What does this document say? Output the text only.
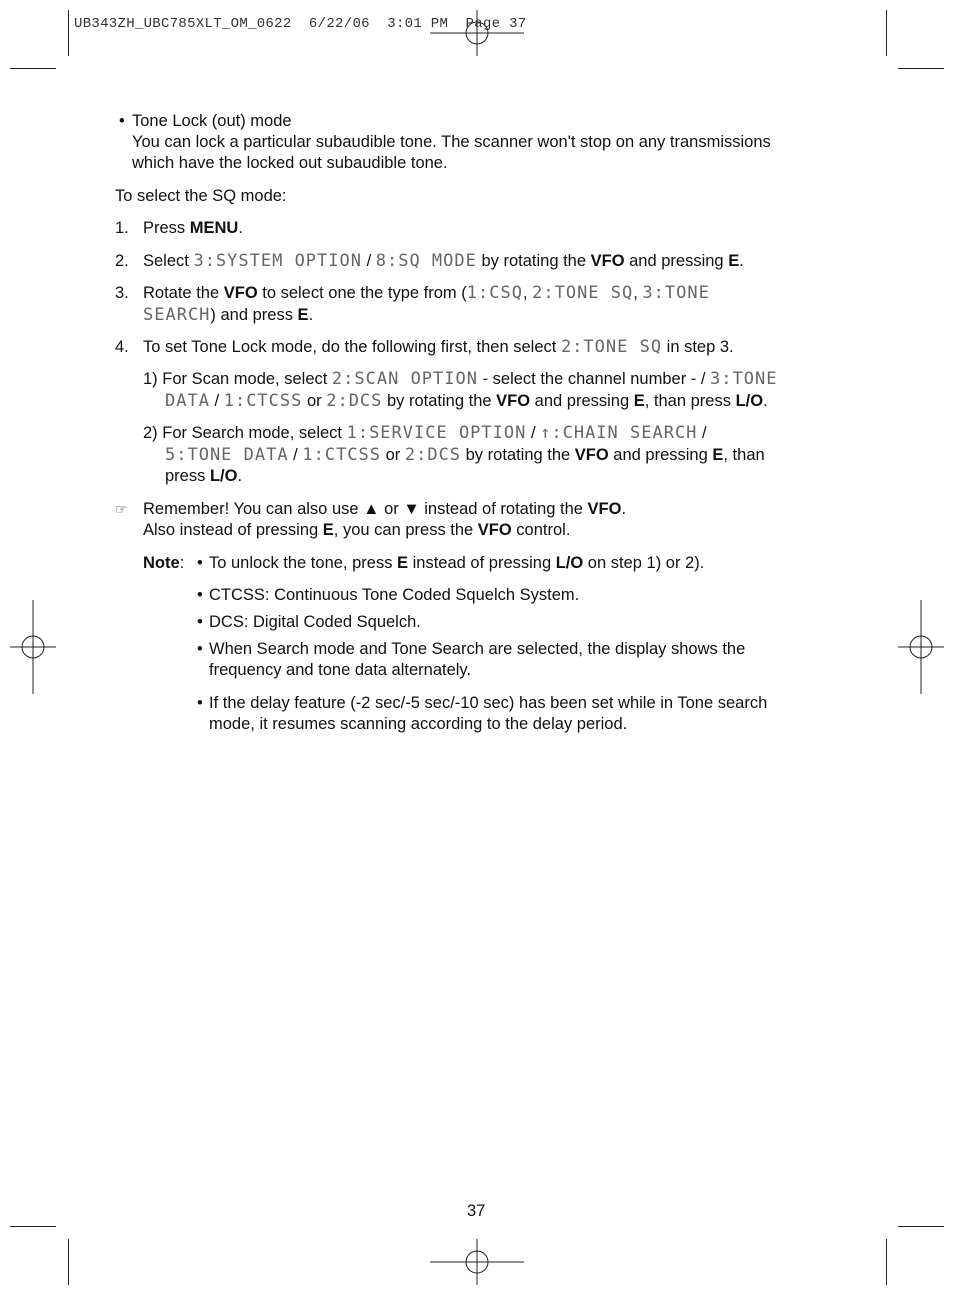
UB343ZH_UBC785XLT_OM_0622  6/22/06  3:01 PM  Page 37
• Tone Lock (out) mode
You can lock a particular subaudible tone. The scanner won't stop on any transmissions
which have the locked out subaudible tone.
To select the SQ mode:
1. Press MENU.
2. Select 3:SYSTEM OPTION / 8:SQ MODE by rotating the VFO and pressing E.
3. Rotate the VFO to select one the type from (1:CSQ, 2:TONE SQ, 3:TONE
SEARCH) and press E.
4. To set Tone Lock mode, do the following first, then select 2:TONE SQ in step 3.
1) For Scan mode, select 2:SCAN OPTION - select the channel number - / 3:TONE
DATA / 1:CTCSS or 2:DCS by rotating the VFO and pressing E, than press L/O.
2) For Search mode, select 1:SERVICE OPTION / ↑:CHAIN SEARCH /
5:TONE DATA / 1:CTCSS or 2:DCS by rotating the VFO and pressing E, than
press L/O.
☞ Remember! You can also use ▲ or ▼ instead of rotating the VFO.
Also instead of pressing E, you can press the VFO control.
Note: • To unlock the tone, press E instead of pressing L/O on step 1) or 2).
• CTCSS: Continuous Tone Coded Squelch System.
• DCS: Digital Coded Squelch.
• When Search mode and Tone Search are selected, the display shows the
frequency and tone data alternately.
• If the delay feature (-2 sec/-5 sec/-10 sec) has been set while in Tone search
mode, it resumes scanning according to the delay period.
37
